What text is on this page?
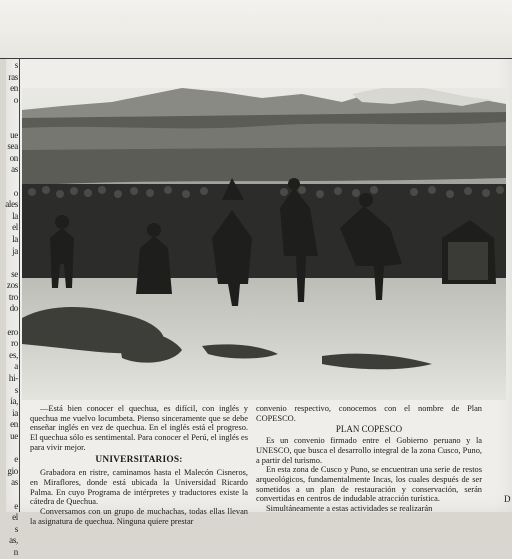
s
ras
en
o
ue
sea
on
as
o
ales
la
el
la
ja
se
zos
tro
do
ero
ro
es,
a
hi-
s
ía,
ia
en
ue
e
gio
as
e
el
s
as,
n

—Está bien conocer el quechua, es difícil, con inglés y quechua me vuelvo locumbeta. Pienso sinceramente que se debe enseñar inglés en vez de quechua. En el inglés está el progreso. El quechua sólo es sentimental. Para conocer el Perú, el inglés es para vivir mejor.

UNIVERSITARIOS:

Grabadora en ristre, caminamos hasta el Malecón Cisneros, en Miraflores, donde está ubicada la Universidad Ricardo Palma. En cuyo Programa de intérpretes y traductores existe la cátedra de Quechua.

Conversamos con un grupo de muchachas, todas ellas llevan la asignatura de quechua. Ninguna quiere prestar

convenio respectivo, conocemos con el nombre de Plan COPESCO.

PLAN COPESCO

Es un convenio firmado entre el Gobierno peruano y la UNESCO, que busca el desarrollo integral de la zona Cusco, Puno, a partir del turismo.

En esta zona de Cusco y Puno, se encuentran una serie de restos arqueológicos, fundamentalmente Incas, los cuales después de ser sometidos a un plan de restauración y conservación, serán convertidas en centros de indudable atracción turística.

Simultáneamente a estas actividades se realizarán

D
